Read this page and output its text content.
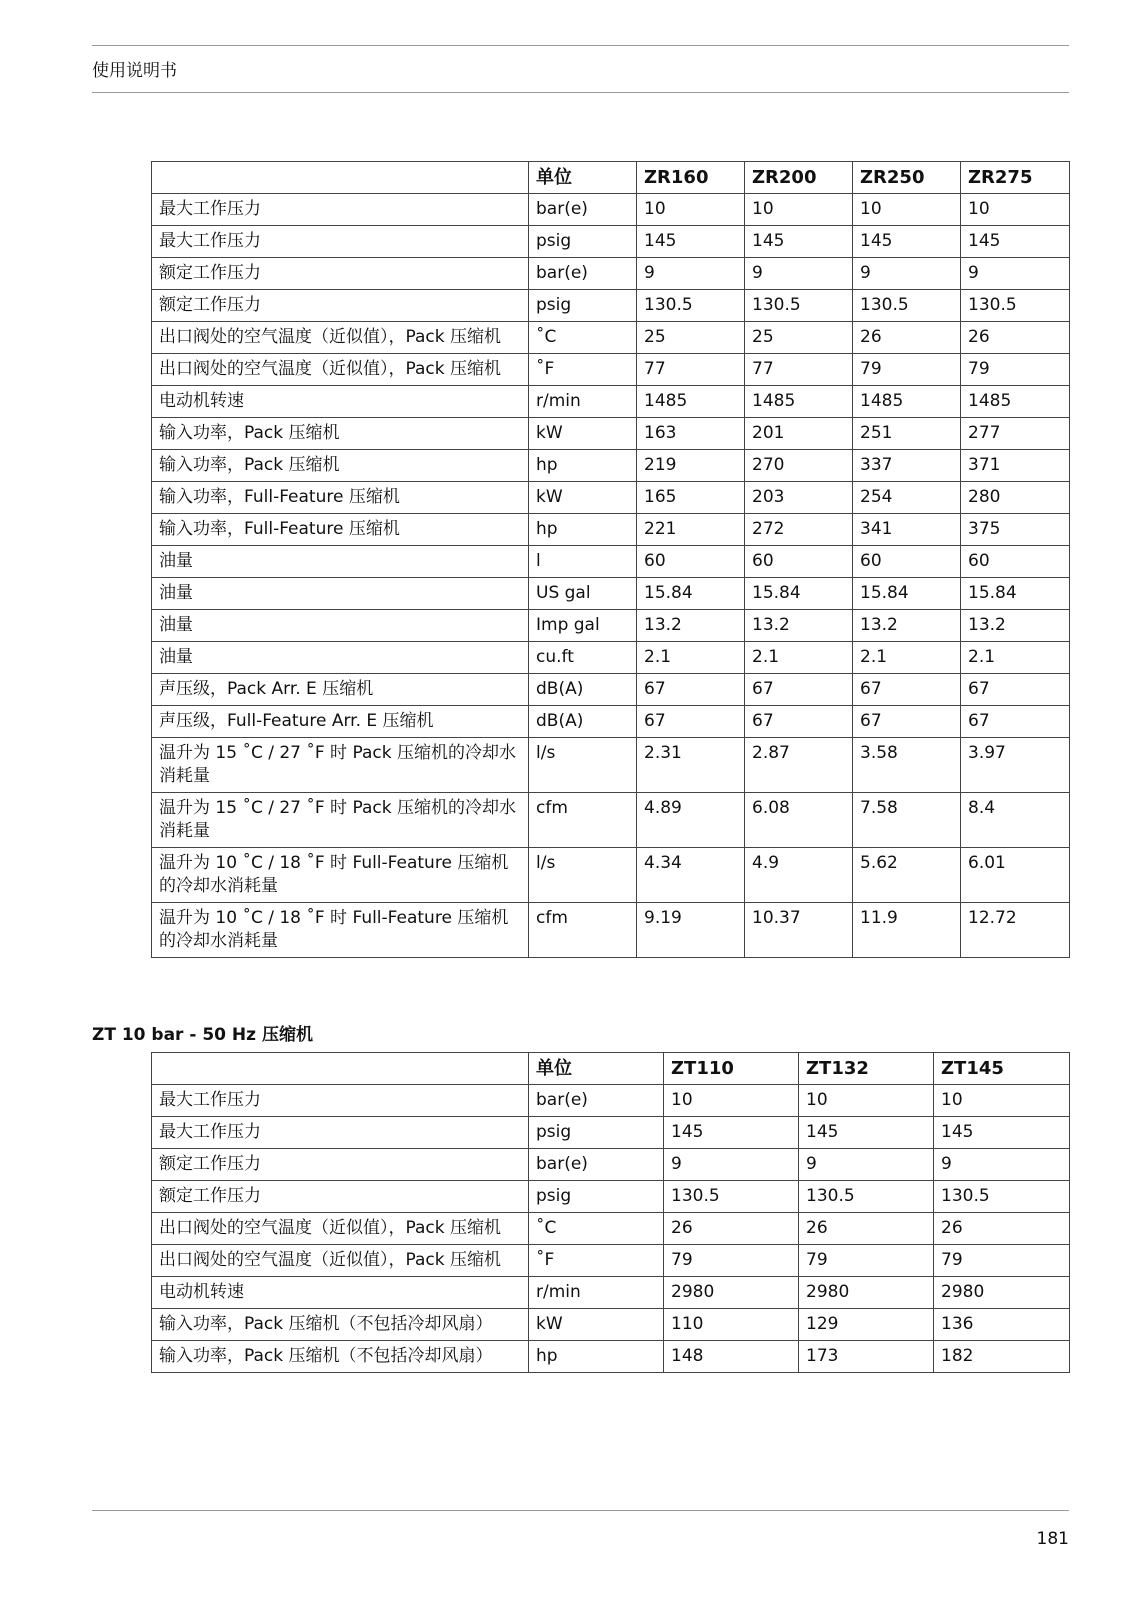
使用说明书
	单位	ZR160	ZR200	ZR250	ZR275
最大工作压力	bar(e)	10	10	10	10
最大工作压力	psig	145	145	145	145
额定工作压力	bar(e)	9	9	9	9
额定工作压力	psig	130.5	130.5	130.5	130.5
出口阀处的空气温度（近似值），Pack 压缩机	˚C	25	25	26	26
出口阀处的空气温度（近似值），Pack 压缩机	˚F	77	77	79	79
电动机转速	r/min	1485	1485	1485	1485
输入功率，Pack 压缩机	kW	163	201	251	277
输入功率，Pack 压缩机	hp	219	270	337	371
输入功率，Full-Feature 压缩机	kW	165	203	254	280
输入功率，Full-Feature 压缩机	hp	221	272	341	375
油量	l	60	60	60	60
油量	US gal	15.84	15.84	15.84	15.84
油量	Imp gal	13.2	13.2	13.2	13.2
油量	cu.ft	2.1	2.1	2.1	2.1
声压级，Pack Arr. E 压缩机	dB(A)	67	67	67	67
声压级，Full-Feature Arr. E 压缩机	dB(A)	67	67	67	67
温升为 15 ˚C / 27 ˚F 时 Pack 压缩机的冷却水消耗量	l/s	2.31	2.87	3.58	3.97
温升为 15 ˚C / 27 ˚F 时 Pack 压缩机的冷却水消耗量	cfm	4.89	6.08	7.58	8.4
温升为 10 ˚C / 18 ˚F 时 Full-Feature 压缩机的冷却水消耗量	l/s	4.34	4.9	5.62	6.01
温升为 10 ˚C / 18 ˚F 时 Full-Feature 压缩机的冷却水消耗量	cfm	9.19	10.37	11.9	12.72
ZT 10 bar - 50 Hz 压缩机
	单位	ZT110	ZT132	ZT145
最大工作压力	bar(e)	10	10	10
最大工作压力	psig	145	145	145
额定工作压力	bar(e)	9	9	9
额定工作压力	psig	130.5	130.5	130.5
出口阀处的空气温度（近似值），Pack 压缩机	˚C	26	26	26
出口阀处的空气温度（近似值），Pack 压缩机	˚F	79	79	79
电动机转速	r/min	2980	2980	2980
输入功率，Pack 压缩机（不包括冷却风扇）	kW	110	129	136
输入功率，Pack 压缩机（不包括冷却风扇）	hp	148	173	182
181
